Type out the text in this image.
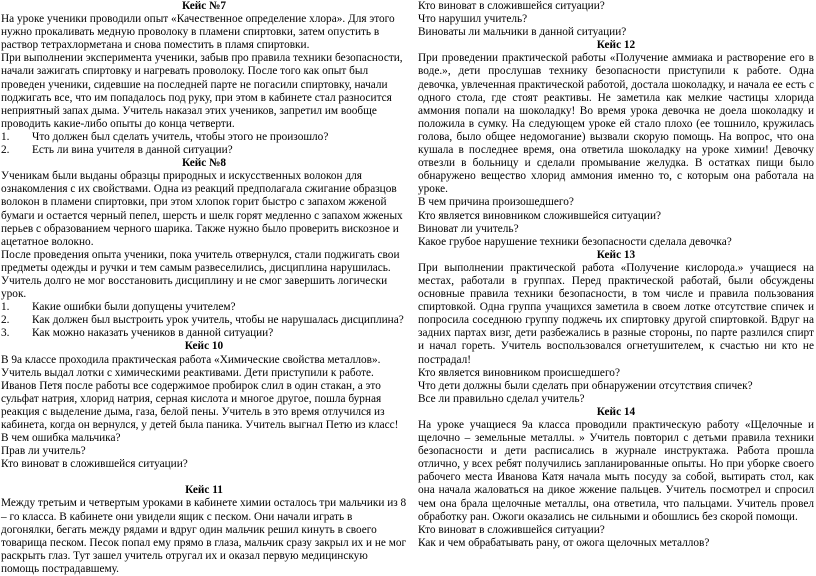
Кейс №7

На уроке ученики проводили опыт «Качественное определение хлора». Для этого нужно прокаливать медную проволоку в пламени спиртовки, затем опустить в раствор тетрахлорметана и снова поместить в пламя спиртовки.

При выполнении эксперимента ученики, забыв про правила техники безопасности, начали зажигать спиртовку и нагревать проволоку. После того как опыт был проведен ученики, сидевшие на последней парте не погасили спиртовку, начали поджигать все, что им попадалось под руку, при этом в кабинете стал разносится неприятный запах дыма. Учитель наказал этих учеников, запретил им вообще проводить какие-либо опыты до конца четверти.

1.	Что должен был сделать учитель, чтобы этого не произошло?
2.	Есть ли вина учителя в данной ситуации?

Кейс №8

Ученикам были выданы образцы природных и искусственных волокон для ознакомления с их свойствами. Одна из реакций предполагала сжигание образцов волокон в пламени спиртовки, при этом хлопок горит быстро с запахом жженой бумаги и остается черный пепел, шерсть и шелк горят медленно с запахом жженых перьев с образованием черного шарика. Также нужно было проверить вискозное и ацетатное волокно.

После проведения опыта ученики, пока учитель отвернулся, стали поджигать свои предметы одежды и ручки и тем самым развеселились, дисциплина нарушилась. Учитель долго не мог восстановить дисциплину и не смог завершить логически урок.

1.	Какие ошибки были допущены учителем?
2.	Как должен был выстроить урок учитель, чтобы не нарушалась дисциплина?
3.	Как можно наказать учеников в данной ситуации?

Кейс 10

В 9а классе проходила практическая работа «Химические свойства металлов». Учитель выдал лотки с химическими реактивами. Дети приступили к работе. Иванов Петя после работы все содержимое пробирок слил в один стакан, а это сульфат натрия, хлорид натрия, серная кислота и многое другое, пошла бурная реакция с выделение дыма, газа, белой пены. Учитель в это время отлучился из кабинета, когда он вернулся, у детей была паника. Учитель выгнал Петю из класс!

В чем ошибка мальчика?

Прав ли учитель?

Кто виноват в сложившейся ситуации?

Кейс 11

Между третьим и четвертым уроками в кабинете химии осталось три мальчики из 8 – го класса. В кабинете они увидели ящик с песком. Они начали играть в догонялки, бегать между рядами и вдруг один мальчик решил кинуть в своего товарища песком. Песок попал ему прямо в глаза, мальчик сразу закрыл их и не мог раскрыть глаз. Тут зашел учитель отругал их и оказал первую медицинскую помощь пострадавшему.

Кто виноват в сложившейся ситуации?

Что нарушил учитель?

Виноваты ли мальчики в данной ситуации?

Кейс 12

При проведении практической работы «Получение аммиака и растворение его в воде.», дети прослушав технику безопасности приступили к работе. Одна девочка, увлеченная практической работой, достала шоколадку, и начала ее есть с одного стола, где стоят реактивы. Не заметила как мелкие частицы хлорида аммония попали на шоколадку! Во время урока девочка не доела шоколадку и положила в сумку. На следующем уроке ей стало плохо (ее тошнило, кружилась голова, было общее недомогание) вызвали скорую помощь. На вопрос, что она кушала в последнее время, она ответила шоколадку на уроке химии! Девочку отвезли в больницу и сделали промывание желудка. В остатках пищи было обнаружено вещество хлорид аммония именно то, с которым она работала на уроке.

В чем причина произошедшего?

Кто является виновником сложившейся ситуации?

Виноват ли учитель?

Какое грубое нарушение техники безопасности сделала девочка?

Кейс 13

При выполнении практической работа «Получение кислорода.» учащиеся на местах, работали в группах. Перед практической работай, были обсуждены основные правила техники безопасности, в том числе и правила пользования спиртовкой. Одна группа учащихся заметила в своем лотке отсутствие спичек и попросила соседнюю группу поджечь их спиртовку другой спиртовкой. Вдруг на задних партах визг, дети разбежались в разные стороны, по парте разлился спирт и начал гореть. Учитель воспользовался огнетушителем, к счастью ни кто не пострадал!

Кто является виновником происшедшего?

Что дети должны были сделать при обнаружении отсутствия спичек?

Все ли правильно сделал учитель?

Кейс 14

На уроке учащиеся 9а класса проводили практическую работу «Щелочные и щелочно – земельные металлы. » Учитель повторил с детьми правила техники безопасности и дети расписались в журнале инструктажа. Работа прошла отлично, у всех ребят получились запланированные опыты. Но при уборке своего рабочего места Иванова Катя начала мыть посуду за собой, вытирать стол, как она начала жаловаться на дикое жжение пальцев. Учитель посмотрел и спросил чем она брала щелочные металлы, она ответила, что пальцами. Учитель провел обработку ран. Ожоги оказались не сильными и обошлись без скорой помощи.

Кто виноват в сложившейся ситуации?

Как и чем обрабатывать рану, от ожога щелочных металлов?
